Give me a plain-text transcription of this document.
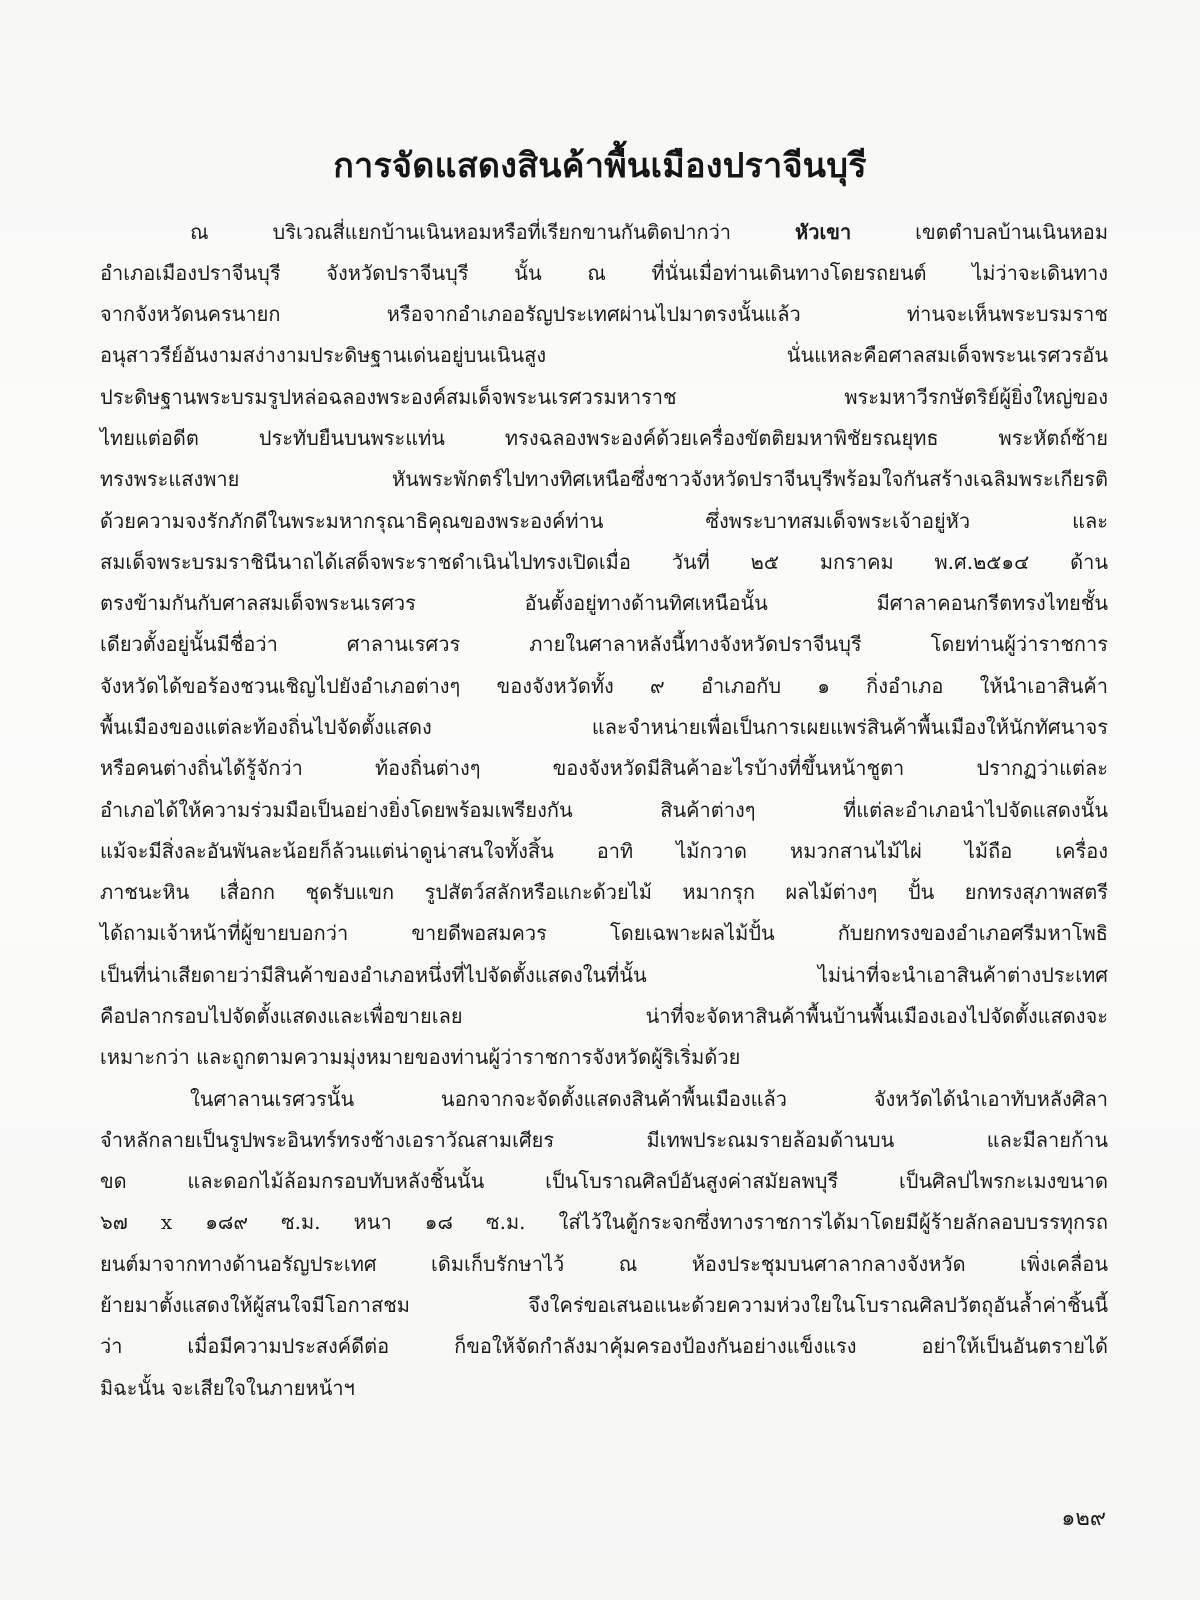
การจัดแสดงสินค้าพื้นเมืองปราจีนบุรี
ณ บริเวณสี่แยกบ้านเนินหอมหรือที่เรียกขานกันติดปากว่า หัวเขา เขตตำบลบ้านเนินหอม
อำเภอเมืองปราจีนบุรี จังหวัดปราจีนบุรี นั้น ณ ที่นั่นเมื่อท่านเดินทางโดยรถยนต์ ไม่ว่าจะเดินทาง
จากจังหวัดนครนายก หรือจากอำเภออรัญประเทศผ่านไปมาตรงนั้นแล้ว ท่านจะเห็นพระบรมราช
อนุสาวรีย์อันงามสง่างามประดิษฐานเด่นอยู่บนเนินสูง นั่นแหละคือศาลสมเด็จพระนเรศวรอัน
ประดิษฐานพระบรมรูปหล่อฉลองพระองค์สมเด็จพระนเรศวรมหาราช พระมหาวีรกษัตริย์ผู้ยิ่งใหญ่ของ
ไทยแต่อดีต ประทับยืนบนพระแท่น ทรงฉลองพระองค์ด้วยเครื่องขัตติยมหาพิชัยรณยุทธ พระหัตถ์ซ้าย
ทรงพระแสงพาย หันพระพักตร์ไปทางทิศเหนือซึ่งชาวจังหวัดปราจีนบุรีพร้อมใจกันสร้างเฉลิมพระเกียรติ
ด้วยความจงรักภักดีในพระมหากรุณาธิคุณของพระองค์ท่าน ซึ่งพระบาทสมเด็จพระเจ้าอยู่หัว และ
สมเด็จพระบรมราชินีนาถได้เสด็จพระราชดำเนินไปทรงเปิดเมื่อ วันที่ ๒๕ มกราคม พ.ศ.๒๕๑๔ ด้าน
ตรงข้ามกันกับศาลสมเด็จพระนเรศวร อันตั้งอยู่ทางด้านทิศเหนือนั้น มีศาลาคอนกรีตทรงไทยชั้น
เดียวตั้งอยู่นั้นมีชื่อว่า ศาลานเรศวร ภายในศาลาหลังนี้ทางจังหวัดปราจีนบุรี โดยท่านผู้ว่าราชการ
จังหวัดได้ขอร้องชวนเชิญไปยังอำเภอต่างๆ ของจังหวัดทั้ง ๙ อำเภอกับ ๑ กิ่งอำเภอ ให้นำเอาสินค้า
พื้นเมืองของแต่ละท้องถิ่นไปจัดตั้งแสดง และจำหน่ายเพื่อเป็นการเผยแพร่สินค้าพื้นเมืองให้นักทัศนาจร
หรือคนต่างถิ่นได้รู้จักว่า ท้องถิ่นต่างๆ ของจังหวัดมีสินค้าอะไรบ้างที่ขึ้นหน้าชูตา ปรากฏว่าแต่ละ
อำเภอได้ให้ความร่วมมือเป็นอย่างยิ่งโดยพร้อมเพรียงกัน สินค้าต่างๆ ที่แต่ละอำเภอนำไปจัดแสดงนั้น
แม้จะมีสิ่งละอันพันละน้อยก็ล้วนแต่น่าดูน่าสนใจทั้งสิ้น อาทิ ไม้กวาด หมวกสานไม้ไผ่ ไม้ถือ เครื่อง
ภาชนะหิน เสื่อกก ชุดรับแขก รูปสัตว์สลักหรือแกะด้วยไม้ หมากรุก ผลไม้ต่างๆ ปั้น ยกทรงสุภาพสตรี
ได้ถามเจ้าหน้าที่ผู้ขายบอกว่า ขายดีพอสมควร โดยเฉพาะผลไม้ปั้น กับยกทรงของอำเภอศรีมหาโพธิ
เป็นที่น่าเสียดายว่ามีสินค้าของอำเภอหนึ่งที่ไปจัดตั้งแสดงในที่นั้น ไม่น่าที่จะนำเอาสินค้าต่างประเทศ
คือปลากรอบไปจัดตั้งแสดงและเพื่อขายเลย น่าที่จะจัดหาสินค้าพื้นบ้านพื้นเมืองเองไปจัดตั้งแสดงจะ
เหมาะกว่า และถูกตามความมุ่งหมายของท่านผู้ว่าราชการจังหวัดผู้ริเริ่มด้วย
ในศาลานเรศวรนั้น นอกจากจะจัดตั้งแสดงสินค้าพื้นเมืองแล้ว จังหวัดได้นำเอาทับหลังศิลา
จำหลักลายเป็นรูปพระอินทร์ทรงช้างเอราวัณสามเศียร มีเทพประณมรายล้อมด้านบน และมีลายก้าน
ขด และดอกไม้ล้อมกรอบทับหลังชิ้นนั้น เป็นโบราณศิลป์อันสูงค่าสมัยลพบุรี เป็นศิลปไพรกะเมงขนาด
๖๗ x ๑๘๙ ซ.ม. หนา ๑๘ ซ.ม. ใส่ไว้ในตู้กระจกซึ่งทางราชการได้มาโดยมีผู้ร้ายลักลอบบรรทุกรถ
ยนต์มาจากทางด้านอรัญประเทศ เดิมเก็บรักษาไว้ ณ ห้องประชุมบนศาลากลางจังหวัด เพิ่งเคลื่อน
ย้ายมาตั้งแสดงให้ผู้สนใจมีโอกาสชม จึงใคร่ขอเสนอแนะด้วยความห่วงใยในโบราณศิลปวัตถุอันล้ำค่าชิ้นนี้
ว่า เมื่อมีความประสงค์ดีต่อ ก็ขอให้จัดกำลังมาคุ้มครองป้องกันอย่างแข็งแรง อย่าให้เป็นอันตรายได้
มิฉะนั้น จะเสียใจในภายหน้าฯ
๑๒๙
